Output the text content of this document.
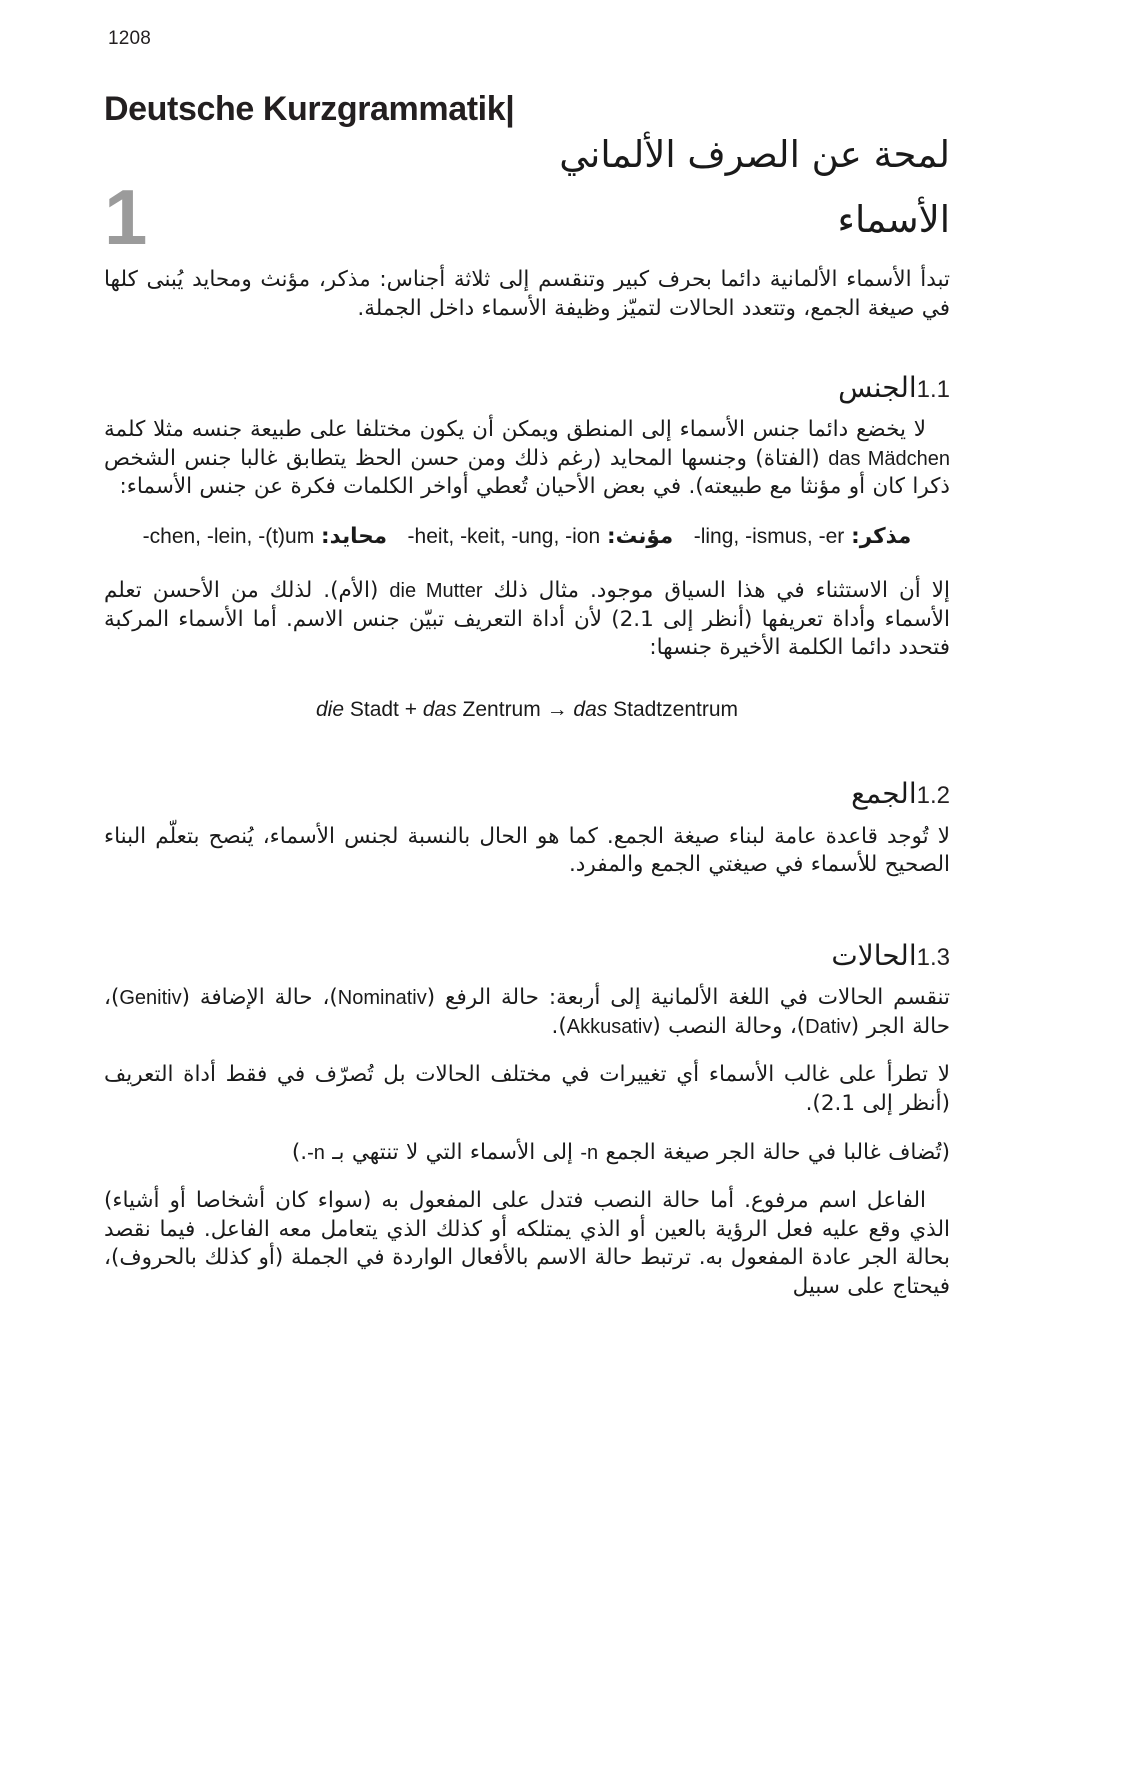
1208
Deutsche Kurzgrammatik|
لمحة عن الصرف الألماني
1	الأسماء

تبدأ الأسماء الألمانية دائما بحرف كبير وتنقسم إلى ثلاثة أجناس: مذكر، مؤنث ومحايد يُبنى كلها في صيغة الجمع، وتتعدد الحالات لتميّز وظيفة الأسماء داخل الجملة.

الجنس 1.1

لا يخضع دائما جنس الأسماء إلى المنطق ويمكن أن يكون مختلفا على طبيعة جنسه مثلا كلمة das Mädchen (الفتاة) وجنسها المحايد (رغم ذلك ومن حسن الحظ يتطابق غالبا جنس الشخص ذكرا كان أو مؤنثا مع طبيعته). في بعض الأحيان تُعطي أواخر الكلمات فكرة عن جنس الأسماء:

مذكر: -ling, -ismus, -er   مؤنث: -heit, -keit, -ung, -ion   محايد: -chen, -lein, -(t)um

إلا أن الاستثناء في هذا السياق موجود. مثال ذلك die Mutter (الأم). لذلك من الأحسن تعلم الأسماء وأداة تعريفها (أنظر إلى 2.1) لأن أداة التعريف تبيّن جنس الاسم. أما الأسماء المركبة فتحدد دائما الكلمة الأخيرة جنسها:

die Stadt + das Zentrum → das Stadtzentrum

الجمع 1.2

لا تُوجد قاعدة عامة لبناء صيغة الجمع. كما هو الحال بالنسبة لجنس الأسماء، يُنصح بتعلّم البناء الصحيح للأسماء في صيغتي الجمع والمفرد.

الحالات 1.3

تنقسم الحالات في اللغة الألمانية إلى أربعة: حالة الرفع (Nominativ)، حالة الإضافة (Genitiv)، حالة الجر (Dativ)، وحالة النصب (Akkusativ).

لا تطرأ على غالب الأسماء أي تغييرات في مختلف الحالات بل تُصرّف في فقط أداة التعريف (أنظر إلى 2.1).

(تُضاف غالبا في حالة الجر صيغة الجمع -n إلى الأسماء التي لا تنتهي بـ -n.)

الفاعل اسم مرفوع. أما حالة النصب فتدل على المفعول به (سواء كان أشخاصا أو أشياء) الذي وقع عليه فعل الرؤية بالعين أو الذي يمتلكه أو كذلك الذي يتعامل معه الفاعل. فيما نقصد بحالة الجر عادة المفعول به. ترتبط حالة الاسم بالأفعال الواردة في الجملة (أو كذلك بالحروف)، فيحتاج على سبيل
